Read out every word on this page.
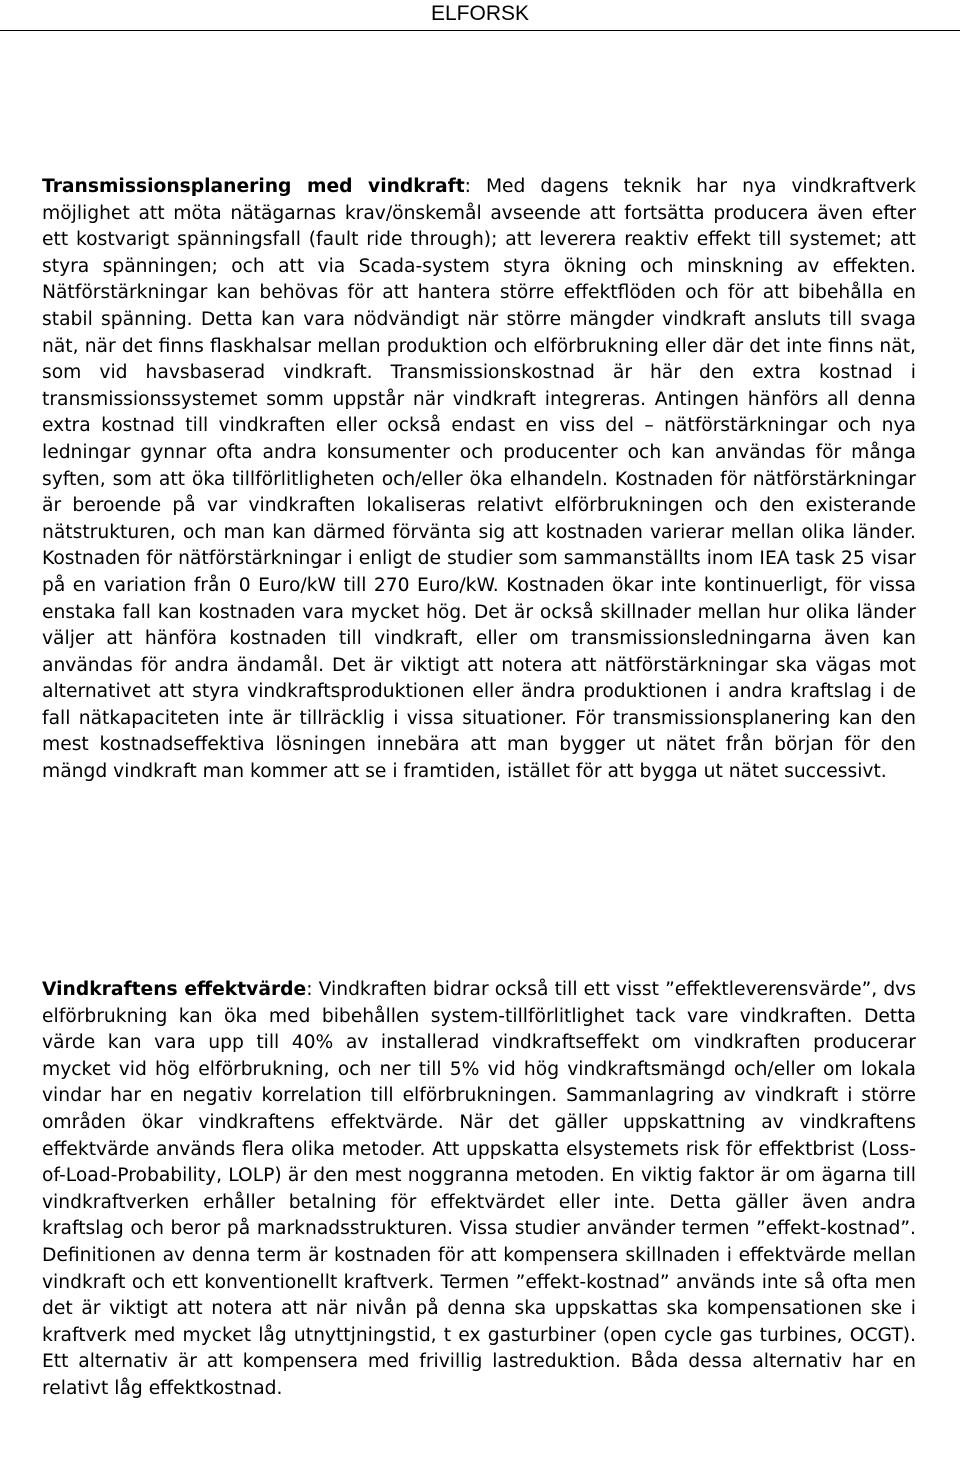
ELFORSK

Transmissionsplanering med vindkraft: Med dagens teknik har nya vindkraftverk möjlighet att möta nätägarnas krav/önskemål avseende att fortsätta producera även efter ett kostvarigt spänningsfall (fault ride through); att leverera reaktiv effekt till systemet; att styra spänningen; och att via Scada-system styra ökning och minskning av effekten. Nätförstärkningar kan behövas för att hantera större effektflöden och för att bibehålla en stabil spänning. Detta kan vara nödvändigt när större mängder vindkraft ansluts till svaga nät, när det finns flaskhalsar mellan produktion och elförbrukning eller där det inte finns nät, som vid havsbaserad vindkraft. Transmissionskostnad är här den extra kostnad i transmissionssystemet somm uppstår när vindkraft integreras. Antingen hänförs all denna extra kostnad till vindkraften eller också endast en viss del – nätförstärkningar och nya ledningar gynnar ofta andra konsumenter och producenter och kan användas för många syften, som att öka tillförlitligheten och/eller öka elhandeln. Kostnaden för nätförstärkningar är beroende på var vindkraften lokaliseras relativt elförbrukningen och den existerande nätstrukturen, och man kan därmed förvänta sig att kostnaden varierar mellan olika länder. Kostnaden för nätförstärkningar i enligt de studier som sammanställts inom IEA task 25 visar på en variation från 0 Euro/kW till 270 Euro/kW. Kostnaden ökar inte kontinuerligt, för vissa enstaka fall kan kostnaden vara mycket hög. Det är också skillnader mellan hur olika länder väljer att hänföra kostnaden till vindkraft, eller om transmissionsledningarna även kan användas för andra ändamål. Det är viktigt att notera att nätförstärkningar ska vägas mot alternativet att styra vindkraftsproduktionen eller ändra produktionen i andra kraftslag i de fall nätkapaciteten inte är tillräcklig i vissa situationer. För transmissionsplanering kan den mest kostnadseffektiva lösningen innebära att man bygger ut nätet från början för den mängd vindkraft man kommer att se i framtiden, istället för att bygga ut nätet successivt.

Vindkraftens effektvärde: Vindkraften bidrar också till ett visst ”effektleverensvärde”, dvs elförbrukning kan öka med bibehållen system-tillförlitlighet tack vare vindkraften. Detta värde kan vara upp till 40% av installerad vindkraftseffekt om vindkraften producerar mycket vid hög elförbrukning, och ner till 5% vid hög vindkraftsmängd och/eller om lokala vindar har en negativ korrelation till elförbrukningen. Sammanlagring av vindkraft i större områden ökar vindkraftens effektvärde. När det gäller uppskattning av vindkraftens effektvärde används flera olika metoder. Att uppskatta elsystemets risk för effektbrist (Loss-of-Load-Probability, LOLP) är den mest noggranna metoden. En viktig faktor är om ägarna till vindkraftverken erhåller betalning för effektvärdet eller inte. Detta gäller även andra kraftslag och beror på marknadsstrukturen. Vissa studier använder termen ”effekt-kostnad”. Definitionen av denna term är kostnaden för att kompensera skillnaden i effektvärde mellan vindkraft och ett konventionellt kraftverk. Termen ”effekt-kostnad” används inte så ofta men det är viktigt att notera att när nivån på denna ska uppskattas ska kompensationen ske i kraftverk med mycket låg utnyttjningstid, t ex gasturbiner (open cycle gas turbines, OCGT). Ett alternativ är att kompensera med frivillig lastreduktion. Båda dessa alternativ har en relativt låg effektkostnad.
